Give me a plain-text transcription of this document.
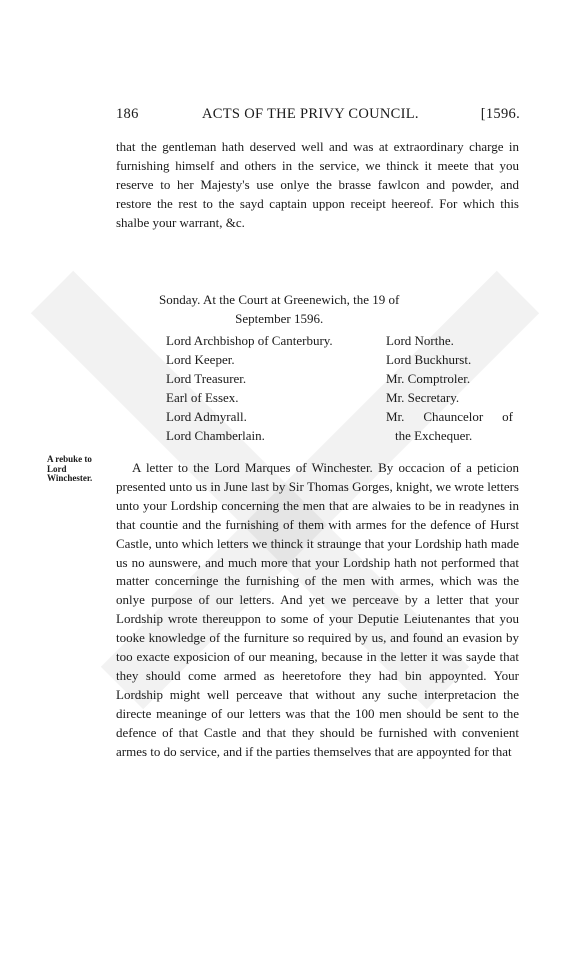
186	ACTS OF THE PRIVY COUNCIL.	[1596.

that the gentleman hath deserved well and was at extraordinary charge in furnishing himself and others in the service, we thinck it meete that you reserve to her Majesty's use onlye the brasse fawlcon and powder, and restore the rest to the sayd captain uppon receipt heereof. For which this shalbe your warrant, &c.

Sonday. At the Court at Greenewich, the 19 of
September 1596.
Lord Archbishop of Canterbury.
Lord Keeper.
Lord Treasurer.
Earl of Essex.
Lord Admyrall.
Lord Chamberlain.
Lord Northe.
Lord Buckhurst.
Mr. Comptroler.
Mr. Secretary.
Mr. Chauncelor of
the Exchequer.
A rebuke to Lord Winchester.

A letter to the Lord Marques of Winchester. By occacion of a peticion presented unto us in June last by Sir Thomas Gorges, knight, we wrote letters unto your Lordship concerning the men that are alwaies to be in readynes in that countie and the furnishing of them with armes for the defence of Hurst Castle, unto which letters we thinck it straunge that your Lordship hath made us no aunswere, and much more that your Lordship hath not performed that matter concerninge the furnishing of the men with armes, which was the onlye purpose of our letters. And yet we perceave by a letter that your Lordship wrote thereuppon to some of your Deputie Leiutenantes that you tooke knowledge of the furniture so required by us, and found an evasion by too exacte exposicion of our meaning, because in the letter it was sayde that they should come armed as heeretofore they had bin appoynted. Your Lordship might well perceave that without any suche interpretacion the directe meaninge of our letters was that the 100 men should be sent to the defence of that Castle and that they should be furnished with convenient armes to do service, and if the parties themselves that are appoynted for that
